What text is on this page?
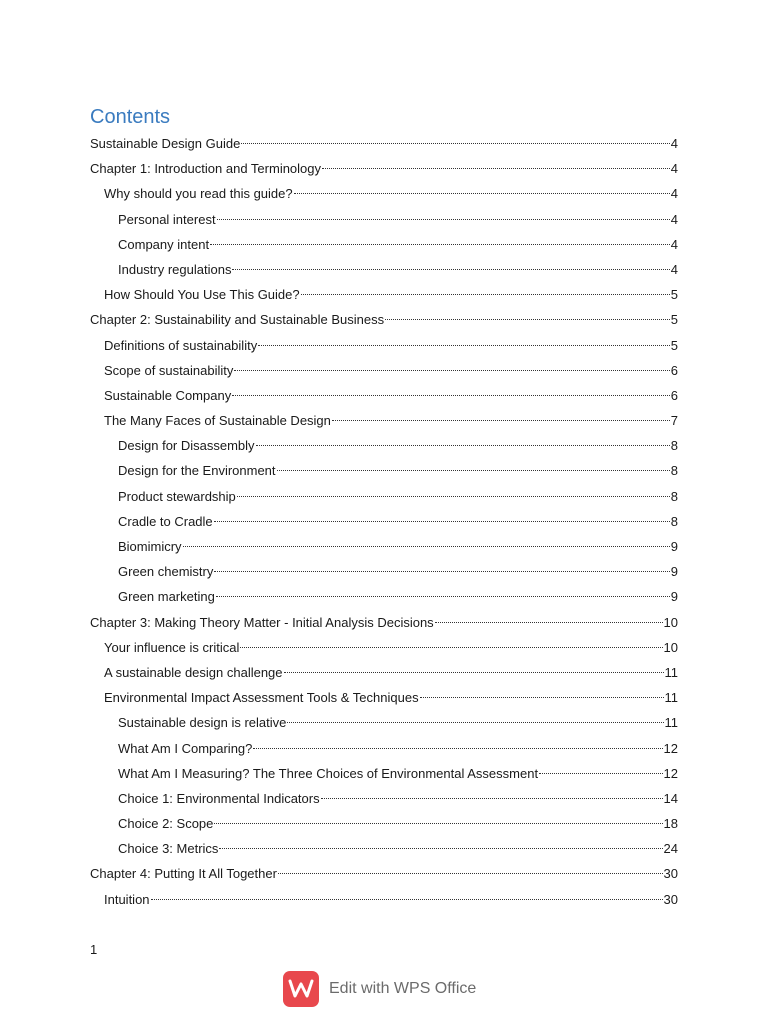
Contents
Sustainable Design Guide	4
Chapter 1: Introduction and Terminology	4
Why should you read this guide?	4
Personal interest	4
Company intent	4
Industry regulations	4
How Should You Use This Guide?	5
Chapter 2: Sustainability and Sustainable Business	5
Definitions of sustainability	5
Scope of sustainability	6
Sustainable Company	6
The Many Faces of Sustainable Design	7
Design for Disassembly	8
Design for the Environment	8
Product stewardship	8
Cradle to Cradle	8
Biomimicry	9
Green chemistry	9
Green marketing	9
Chapter 3: Making Theory Matter - Initial Analysis Decisions	10
Your influence is critical	10
A sustainable design challenge	11
Environmental Impact Assessment Tools & Techniques	11
Sustainable design is relative	11
What Am I Comparing?	12
What Am I Measuring? The Three Choices of Environmental Assessment	12
Choice 1: Environmental Indicators	14
Choice 2: Scope	18
Choice 3: Metrics	24
Chapter 4: Putting It All Together	30
Intuition	30
1
Edit with WPS Office
